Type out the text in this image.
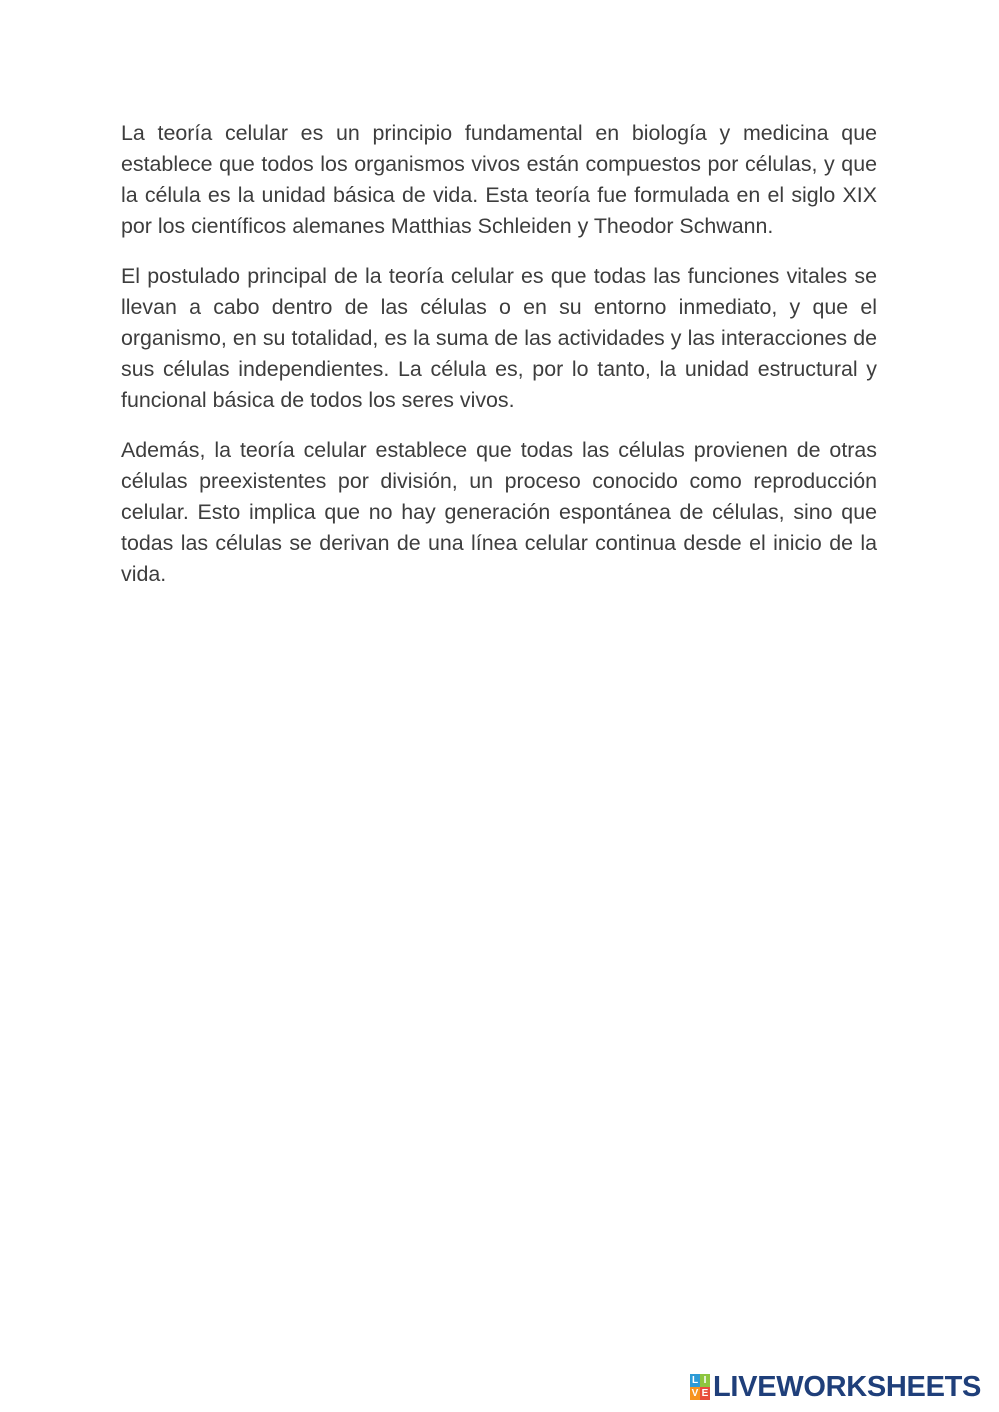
La teoría celular es un principio fundamental en biología y medicina que establece que todos los organismos vivos están compuestos por células, y que la célula es la unidad básica de vida. Esta teoría fue formulada en el siglo XIX por los científicos alemanes Matthias Schleiden y Theodor Schwann.

El postulado principal de la teoría celular es que todas las funciones vitales se llevan a cabo dentro de las células o en su entorno inmediato, y que el organismo, en su totalidad, es la suma de las actividades y las interacciones de sus células independientes. La célula es, por lo tanto, la unidad estructural y funcional básica de todos los seres vivos.

Además, la teoría celular establece que todas las células provienen de otras células preexistentes por división, un proceso conocido como reproducción celular. Esto implica que no hay generación espontánea de células, sino que todas las células se derivan de una línea celular continua desde el inicio de la vida.

L I
V E LIVEWORKSHEETS
